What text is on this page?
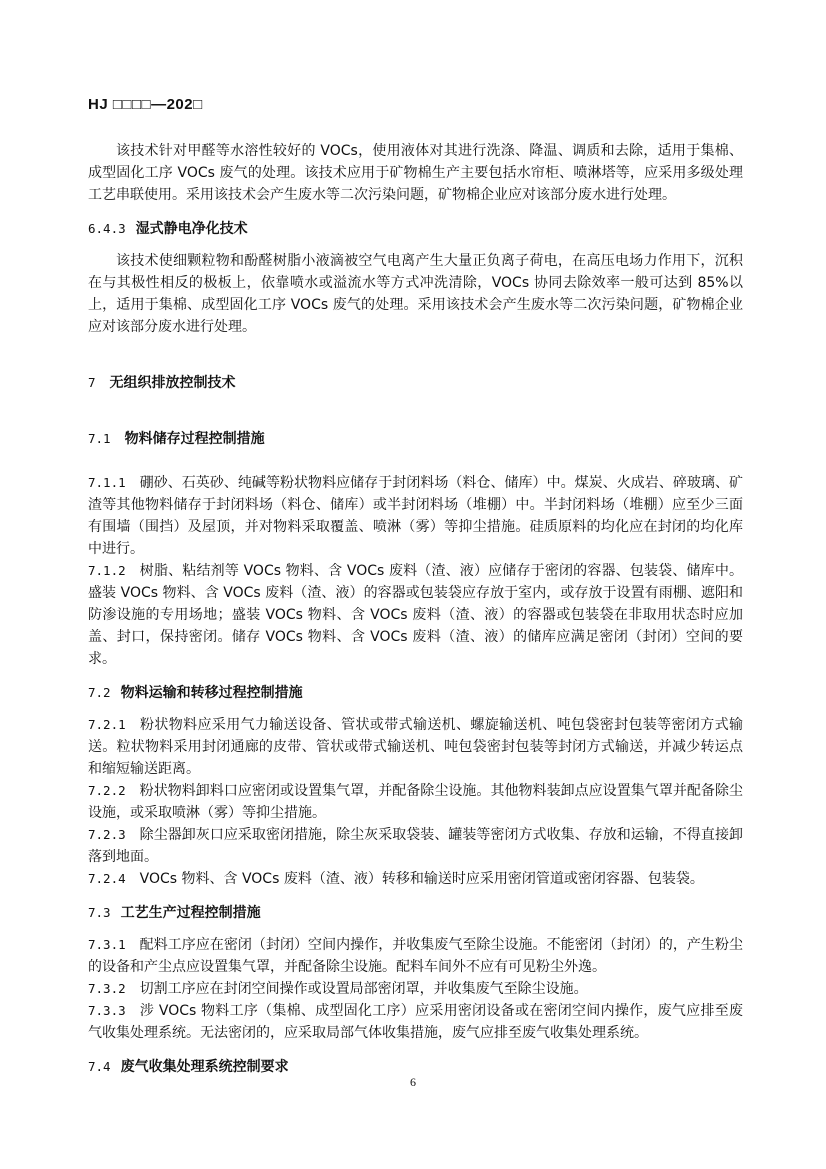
HJ □□□□—202□

该技术针对甲醛等水溶性较好的 VOCs，使用液体对其进行洗涤、降温、调质和去除，适用于集棉、成型固化工序 VOCs 废气的处理。该技术应用于矿物棉生产主要包括水帘柜、喷淋塔等，应采用多级处理工艺串联使用。采用该技术会产生废水等二次污染问题，矿物棉企业应对该部分废水进行处理。

6.4.3 湿式静电净化技术

该技术使细颗粒物和酚醛树脂小液滴被空气电离产生大量正负离子荷电，在高压电场力作用下，沉积在与其极性相反的极板上，依靠喷水或溢流水等方式冲洗清除，VOCs 协同去除效率一般可达到 85%以上，适用于集棉、成型固化工序 VOCs 废气的处理。采用该技术会产生废水等二次污染问题，矿物棉企业应对该部分废水进行处理。

7 无组织排放控制技术
7.1 物料储存过程控制措施

7.1.1 硼砂、石英砂、纯碱等粉状物料应储存于封闭料场（料仓、储库）中。煤炭、火成岩、碎玻璃、矿渣等其他物料储存于封闭料场（料仓、储库）或半封闭料场（堆棚）中。半封闭料场（堆棚）应至少三面有围墙（围挡）及屋顶，并对物料采取覆盖、喷淋（雾）等抑尘措施。硅质原料的均化应在封闭的均化库中进行。

7.1.2 树脂、粘结剂等 VOCs 物料、含 VOCs 废料（渣、液）应储存于密闭的容器、包装袋、储库中。盛装 VOCs 物料、含 VOCs 废料（渣、液）的容器或包装袋应存放于室内，或存放于设置有雨棚、遮阳和防渗设施的专用场地；盛装 VOCs 物料、含 VOCs 废料（渣、液）的容器或包装袋在非取用状态时应加盖、封口，保持密闭。储存 VOCs 物料、含 VOCs 废料（渣、液）的储库应满足密闭（封闭）空间的要求。

7.2 物料运输和转移过程控制措施

7.2.1 粉状物料应采用气力输送设备、管状或带式输送机、螺旋输送机、吨包袋密封包装等密闭方式输送。粒状物料采用封闭通廊的皮带、管状或带式输送机、吨包袋密封包装等封闭方式输送，并减少转运点和缩短输送距离。

7.2.2 粉状物料卸料口应密闭或设置集气罩，并配备除尘设施。其他物料装卸点应设置集气罩并配备除尘设施，或采取喷淋（雾）等抑尘措施。

7.2.3 除尘器卸灰口应采取密闭措施，除尘灰采取袋装、罐装等密闭方式收集、存放和运输，不得直接卸落到地面。

7.2.4 VOCs 物料、含 VOCs 废料（渣、液）转移和输送时应采用密闭管道或密闭容器、包装袋。

7.3 工艺生产过程控制措施

7.3.1 配料工序应在密闭（封闭）空间内操作，并收集废气至除尘设施。不能密闭（封闭）的，产生粉尘的设备和产尘点应设置集气罩，并配备除尘设施。配料车间外不应有可见粉尘外逸。

7.3.2 切割工序应在封闭空间操作或设置局部密闭罩，并收集废气至除尘设施。

7.3.3 涉 VOCs 物料工序（集棉、成型固化工序）应采用密闭设备或在密闭空间内操作，废气应排至废气收集处理系统。无法密闭的，应采取局部气体收集措施，废气应排至废气收集处理系统。

7.4 废气收集处理系统控制要求
6
